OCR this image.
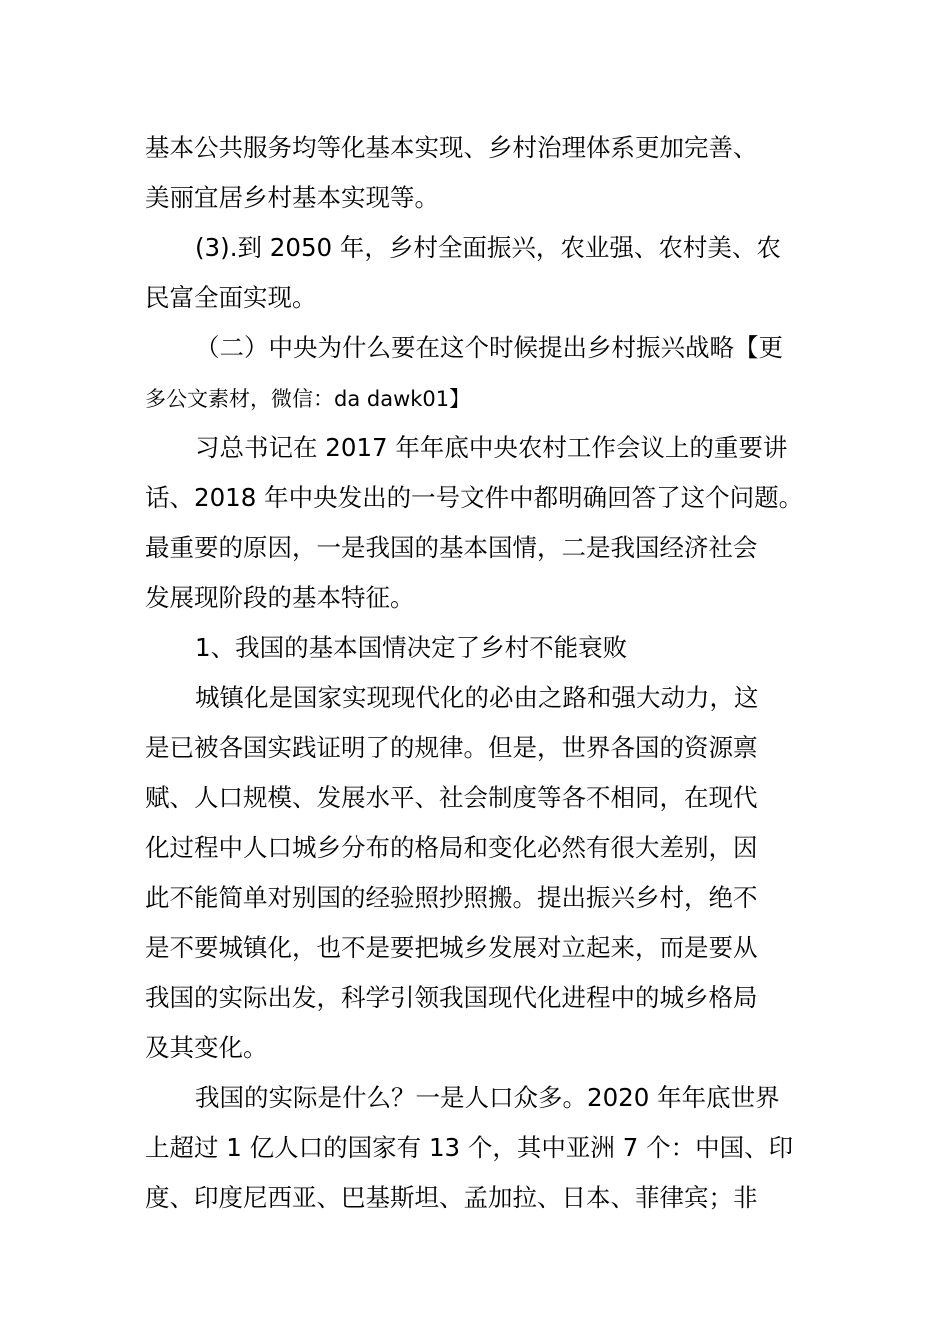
基本公共服务均等化基本实现、乡村治理体系更加完善、
美丽宜居乡村基本实现等。
(3).到 2050 年，乡村全面振兴，农业强、农村美、农
民富全面实现。
（二）中央为什么要在这个时候提出乡村振兴战略【更
多公文素材，微信：da dawk01】
习总书记在 2017 年年底中央农村工作会议上的重要讲
话、2018 年中央发出的一号文件中都明确回答了这个问题。
最重要的原因，一是我国的基本国情，二是我国经济社会
发展现阶段的基本特征。
1、我国的基本国情决定了乡村不能衰败
城镇化是国家实现现代化的必由之路和强大动力，这
是已被各国实践证明了的规律。但是，世界各国的资源禀
赋、人口规模、发展水平、社会制度等各不相同，在现代
化过程中人口城乡分布的格局和变化必然有很大差别，因
此不能简单对别国的经验照抄照搬。提出振兴乡村，绝不
是不要城镇化，也不是要把城乡发展对立起来，而是要从
我国的实际出发，科学引领我国现代化进程中的城乡格局
及其变化。
我国的实际是什么？一是人口众多。2020 年年底世界
上超过 1 亿人口的国家有 13 个，其中亚洲 7 个：中国、印
度、印度尼西亚、巴基斯坦、孟加拉、日本、菲律宾；非
